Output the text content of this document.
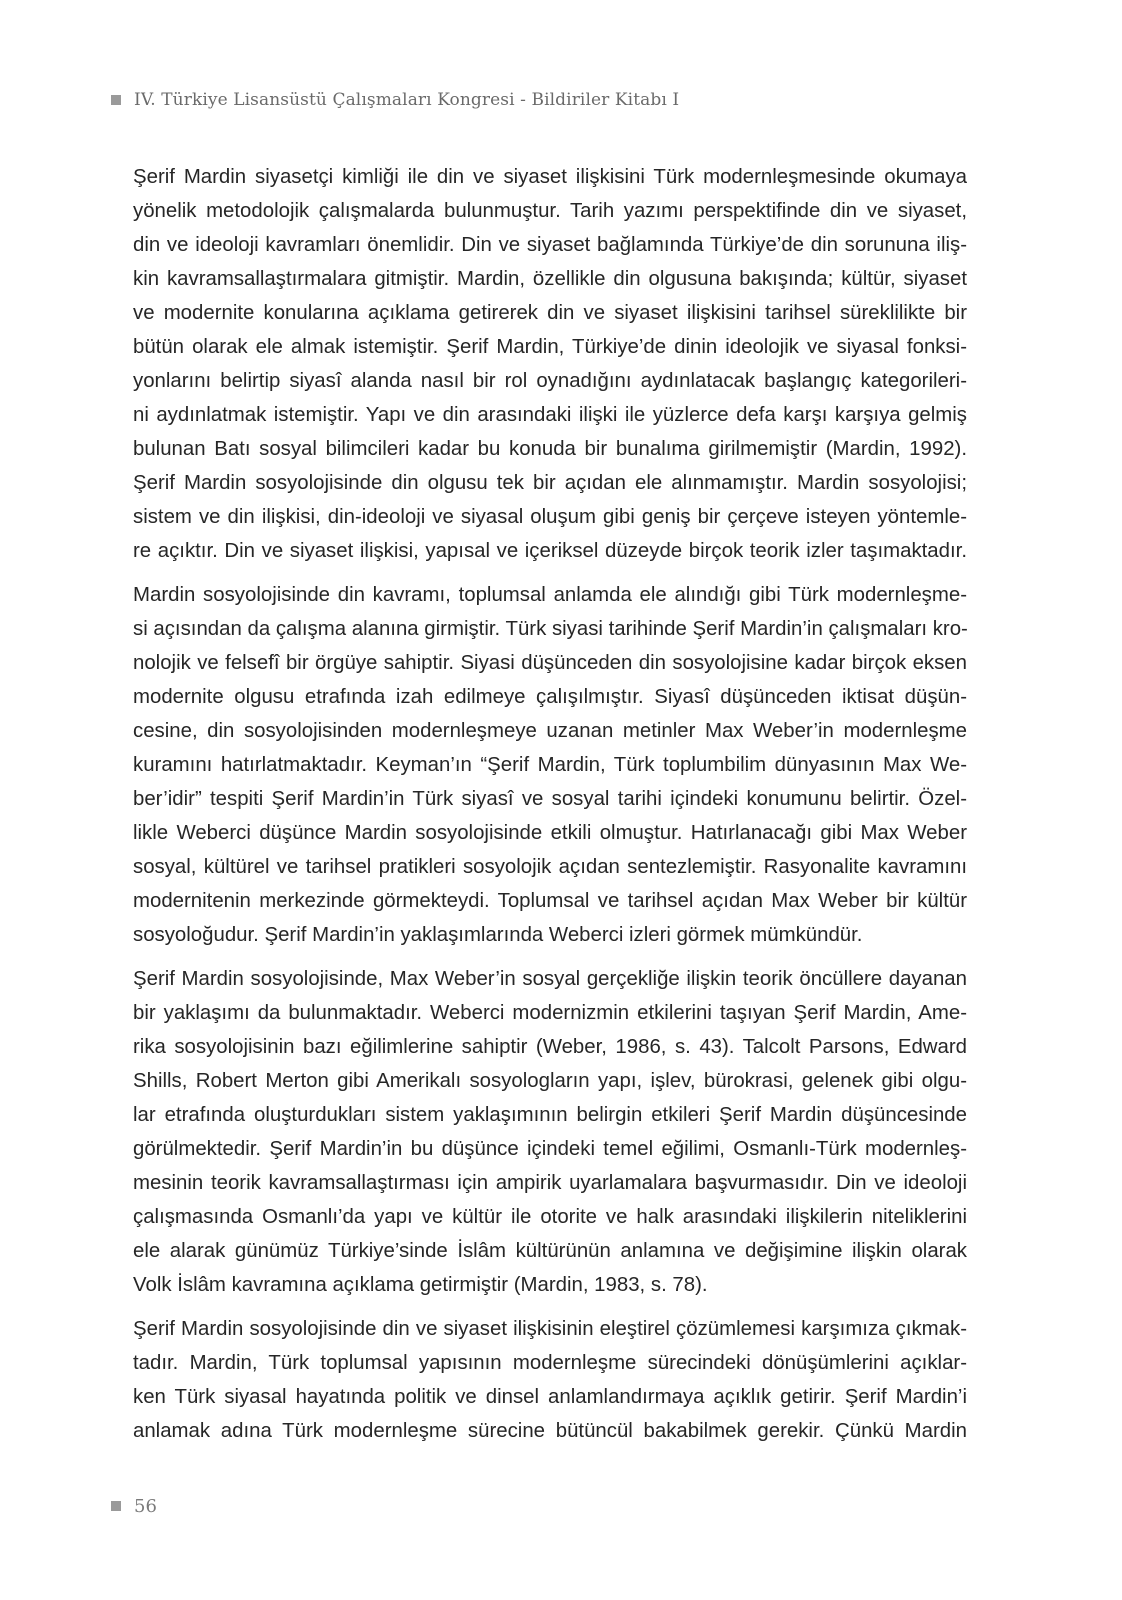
IV. Türkiye Lisansüstü Çalışmaları Kongresi - Bildiriler Kitabı I
Şerif Mardin siyasetçi kimliği ile din ve siyaset ilişkisini Türk modernleşmesinde okumaya
yönelik metodolojik çalışmalarda bulunmuştur. Tarih yazımı perspektifinde din ve siyaset,
din ve ideoloji kavramları önemlidir. Din ve siyaset bağlamında Türkiye’de din sorununa iliş-
kin kavramsallaştırmalara gitmiştir. Mardin, özellikle din olgusuna bakışında; kültür, siyaset
ve modernite konularına açıklama getirerek din ve siyaset ilişkisini tarihsel süreklilikte bir
bütün olarak ele almak istemiştir. Şerif Mardin, Türkiye’de dinin ideolojik ve siyasal fonksi-
yonlarını belirtip siyasî alanda nasıl bir rol oynadığını aydınlatacak başlangıç kategorileri-
ni aydınlatmak istemiştir. Yapı ve din arasındaki ilişki ile yüzlerce defa karşı karşıya gelmiş
bulunan Batı sosyal bilimcileri kadar bu konuda bir bunalıma girilmemiştir (Mardin, 1992).
Şerif Mardin sosyolojisinde din olgusu tek bir açıdan ele alınmamıştır. Mardin sosyolojisi;
sistem ve din ilişkisi, din-ideoloji ve siyasal oluşum gibi geniş bir çerçeve isteyen yöntemle-
re açıktır. Din ve siyaset ilişkisi, yapısal ve içeriksel düzeyde birçok teorik izler taşımaktadır.
Mardin sosyolojisinde din kavramı, toplumsal anlamda ele alındığı gibi Türk modernleşme-
si açısından da çalışma alanına girmiştir. Türk siyasi tarihinde Şerif Mardin’in çalışmaları kro-
nolojik ve felsefî bir örgüye sahiptir. Siyasi düşünceden din sosyolojisine kadar birçok eksen
modernite olgusu etrafında izah edilmeye çalışılmıştır. Siyasî düşünceden iktisat düşün-
cesine, din sosyolojisinden modernleşmeye uzanan metinler Max Weber’in modernleşme
kuramını hatırlatmaktadır. Keyman’ın “Şerif Mardin, Türk toplumbilim dünyasının Max We-
ber’idir” tespiti Şerif Mardin’in Türk siyasî ve sosyal tarihi içindeki konumunu belirtir. Özel-
likle Weberci düşünce Mardin sosyolojisinde etkili olmuştur. Hatırlanacağı gibi Max Weber
sosyal, kültürel ve tarihsel pratikleri sosyolojik açıdan sentezlemiştir. Rasyonalite kavramını
modernitenin merkezinde görmekteydi. Toplumsal ve tarihsel açıdan Max Weber bir kültür
sosyoloğudur. Şerif Mardin’in yaklaşımlarında Weberci izleri görmek mümkündür.
Şerif Mardin sosyolojisinde, Max Weber’in sosyal gerçekliğe ilişkin teorik öncüllere dayanan
bir yaklaşımı da bulunmaktadır. Weberci modernizmin etkilerini taşıyan Şerif Mardin, Ame-
rika sosyolojisinin bazı eğilimlerine sahiptir (Weber, 1986, s. 43). Talcolt Parsons, Edward
Shills, Robert Merton gibi Amerikalı sosyologların yapı, işlev, bürokrasi, gelenek gibi olgu-
lar etrafında oluşturdukları sistem yaklaşımının belirgin etkileri Şerif Mardin düşüncesinde
görülmektedir. Şerif Mardin’in bu düşünce içindeki temel eğilimi, Osmanlı-Türk modernleş-
mesinin teorik kavramsallaştırması için ampirik uyarlamalara başvurmasıdır. Din ve ideoloji
çalışmasında Osmanlı’da yapı ve kültür ile otorite ve halk arasındaki ilişkilerin niteliklerini
ele alarak günümüz Türkiye’sinde İslâm kültürünün anlamına ve değişimine ilişkin olarak
Volk İslâm kavramına açıklama getirmiştir (Mardin, 1983, s. 78).
Şerif Mardin sosyolojisinde din ve siyaset ilişkisinin eleştirel çözümlemesi karşımıza çıkmak-
tadır. Mardin, Türk toplumsal yapısının modernleşme sürecindeki dönüşümlerini açıklar-
ken Türk siyasal hayatında politik ve dinsel anlamlandırmaya açıklık getirir. Şerif Mardin’i
anlamak adına Türk modernleşme sürecine bütüncül bakabilmek gerekir. Çünkü Mardin
56
